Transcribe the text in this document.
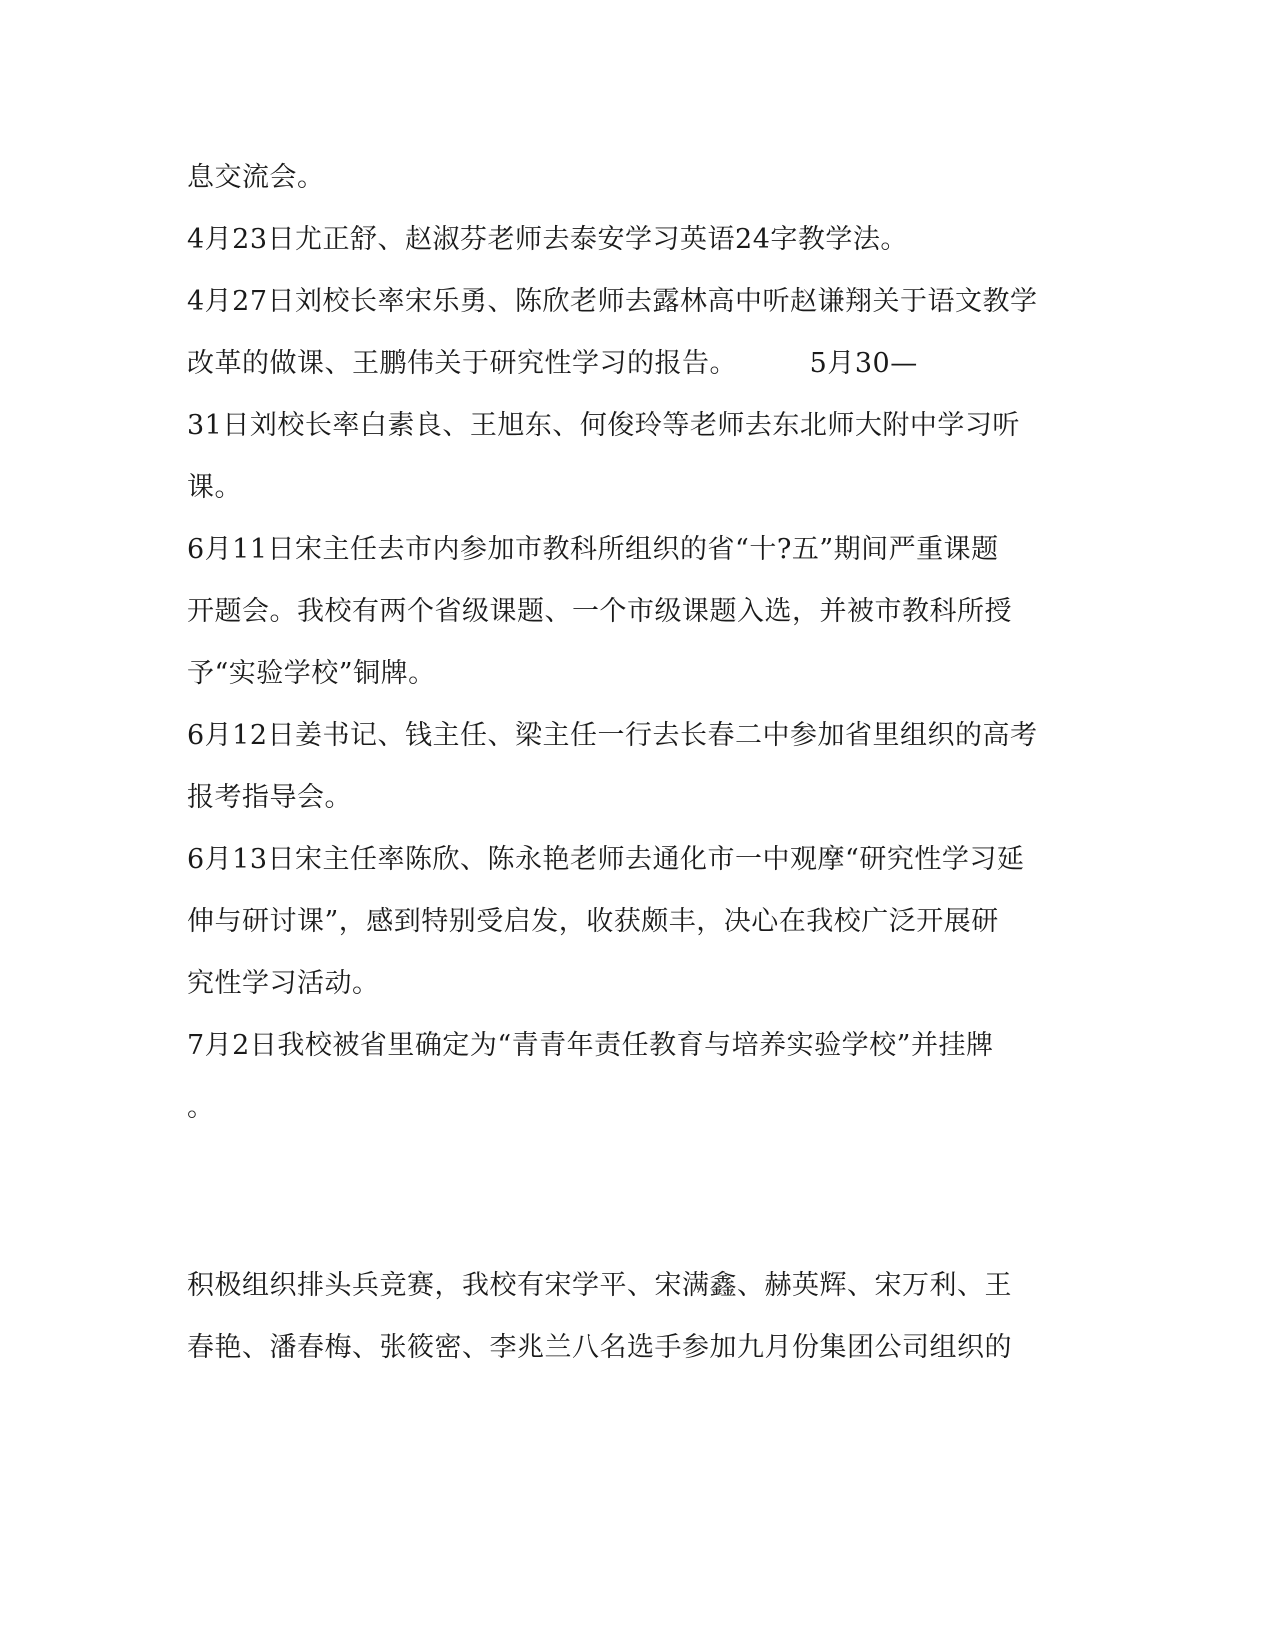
息交流会。
4月23日尤正舒、赵淑芬老师去泰安学习英语24字教学法。
4月27日刘校长率宋乐勇、陈欣老师去露林高中听赵谦翔关于语文教学
改革的做课、王鹏伟关于研究性学习的报告。        5月30—
31日刘校长率白素良、王旭东、何俊玲等老师去东北师大附中学习听
课。
6月11日宋主任去市内参加市教科所组织的省“十?五”期间严重课题
开题会。我校有两个省级课题、一个市级课题入选，并被市教科所授
予“实验学校”铜牌。
6月12日姜书记、钱主任、梁主任一行去长春二中参加省里组织的高考
报考指导会。
6月13日宋主任率陈欣、陈永艳老师去通化市一中观摩“研究性学习延
伸与研讨课”，感到特别受启发，收获颇丰，决心在我校广泛开展研
究性学习活动。
7月2日我校被省里确定为“青青年责任教育与培养实验学校”并挂牌
。
积极组织排头兵竞赛，我校有宋学平、宋满鑫、赫英辉、宋万利、王
春艳、潘春梅、张筱密、李兆兰八名选手参加九月份集团公司组织的
